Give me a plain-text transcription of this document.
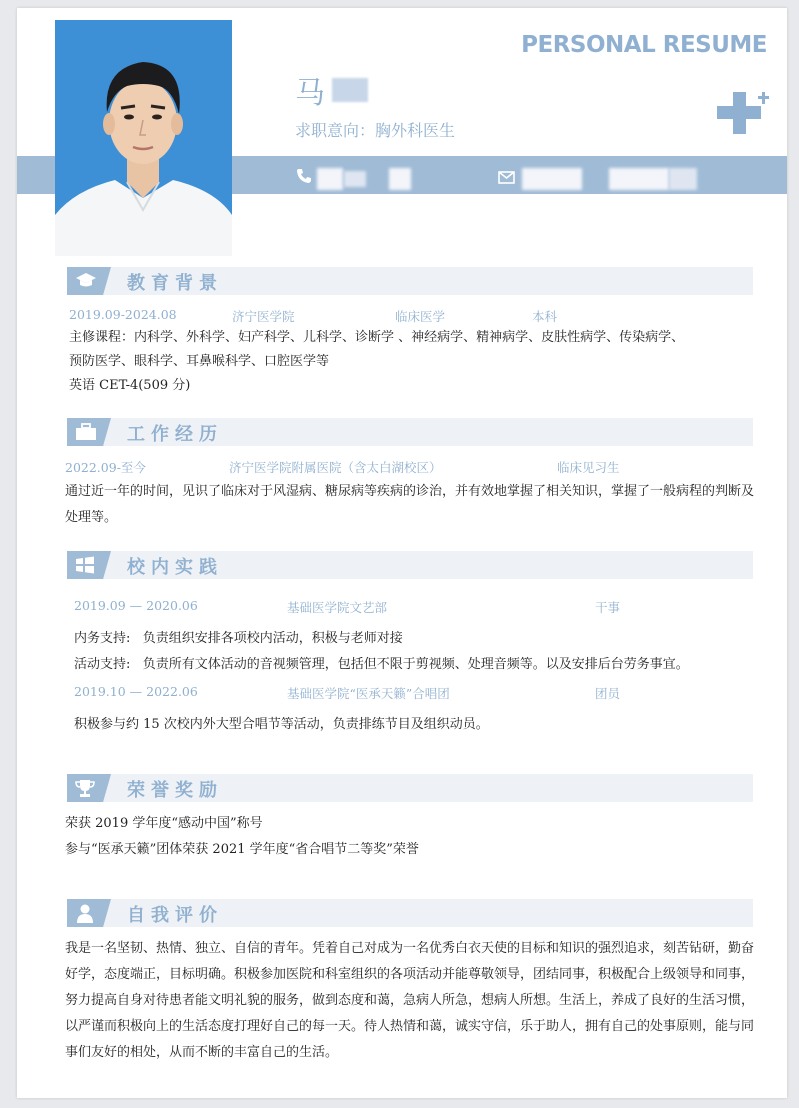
PERSONAL RESUME
马
求职意向：胸外科医生
教育背景
2019.09-2024.08	济宁医学院	临床医学	本科
主修课程：内科学、外科学、妇产科学、儿科学、诊断学 、神经病学、精神病学、皮肤性病学、传染病学、
预防医学、眼科学、耳鼻喉科学、口腔医学等
英语 CET-4(509 分)
工作经历
2022.09-至今	济宁医学院附属医院（含太白湖校区）	临床见习生
通过近一年的时间，见识了临床对于风湿病、糖尿病等疾病的诊治，并有效地掌握了相关知识，掌握了一般病程的判断及处理等。
校内实践
2019.09 — 2020.06	基础医学院文艺部	干事
内务支持:   负责组织安排各项校内活动，积极与老师对接
活动支持:   负责所有文体活动的音视频管理，包括但不限于剪视频、处理音频等。以及安排后台劳务事宜。
2019.10 — 2022.06	基础医学院“医承天籁”合唱团	团员
积极参与约 15 次校内外大型合唱节等活动，负责排练节目及组织动员。
荣誉奖励
荣获 2019 学年度“感动中国”称号
参与“医承天籁”团体荣获 2021 学年度“省合唱节二等奖”荣誉
自我评价
我是一名坚韧、热情、独立、自信的青年。凭着自己对成为一名优秀白衣天使的目标和知识的强烈追求，刻苦钻研，勤奋好学，态度端正，目标明确。积极参加医院和科室组织的各项活动并能尊敬领导，团结同事，积极配合上级领导和同事，努力提高自身对待患者能文明礼貌的服务，做到态度和蔼，急病人所急，想病人所想。生活上，养成了良好的生活习惯，以严谨而积极向上的生活态度打理好自己的每一天。待人热情和蔼，诚实守信，乐于助人，拥有自己的处事原则，能与同事们友好的相处，从而不断的丰富自己的生活。
